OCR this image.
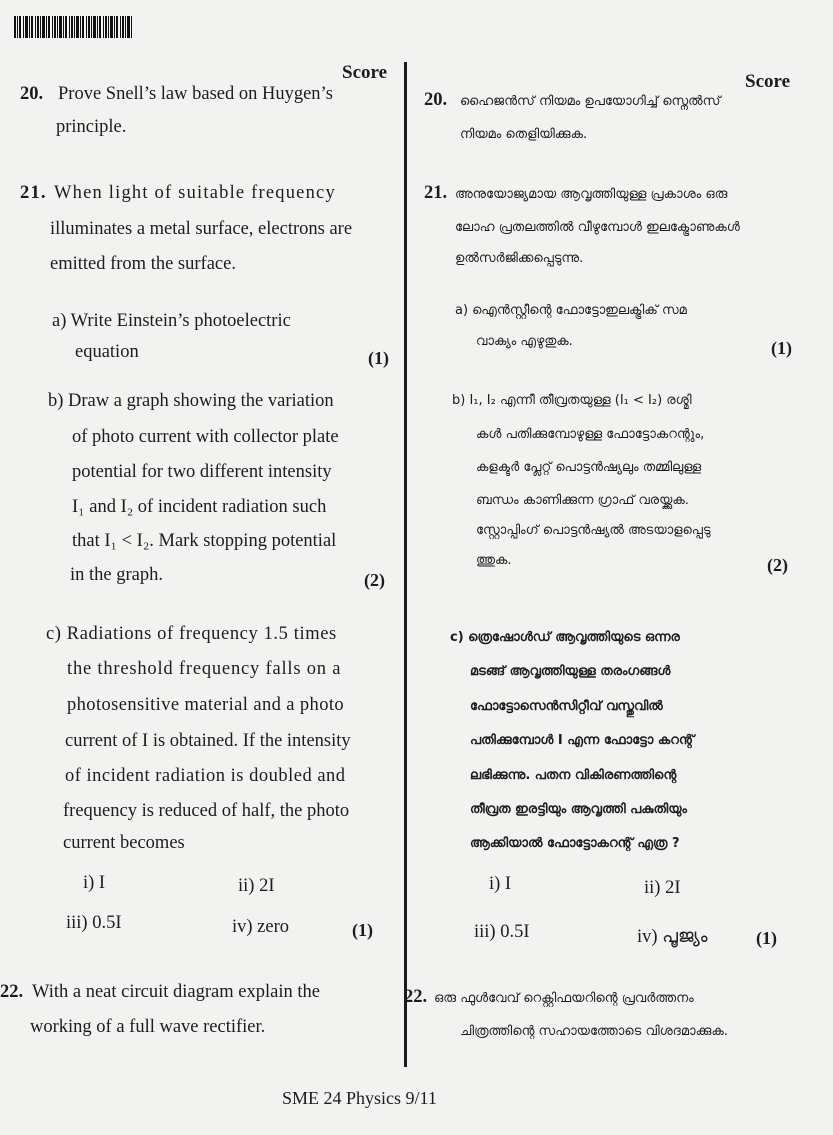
Score	Score
20. Prove Snell’s law based on Huygen’s
principle.
21. When light of suitable frequency
illuminates a metal surface, electrons are
emitted from the surface.
a) Write Einstein’s photoelectric
equation	(1)
b) Draw a graph showing the variation
of photo current with collector plate
potential for two different intensity
I₁ and I₂ of incident radiation such
that I₁ < I₂. Mark stopping potential
in the graph.	(2)
c) Radiations of frequency 1.5 times
the threshold frequency falls on a
photosensitive material and a photo
current of I is obtained. If the intensity
of incident radiation is doubled and
frequency is reduced of half, the photo
current becomes
i) I	ii) 2I
iii) 0.5I	iv) zero	(1)
22. With a neat circuit diagram explain the
working of a full wave rectifier.
20. ഹൈജൻസ് നിയമം ഉപയോഗിച്ച് സ്നെൽസ്
നിയമം തെളിയിക്കുക.
21. അനുയോജ്യമായ ആവൃത്തിയുള്ള പ്രകാശം ഒരു
ലോഹ പ്രതലത്തിൽ വീഴുമ്പോൾ ഇലക്ട്രോണുകൾ
ഉൽസർജിക്കപ്പെടുന്നു.
a) ഐൻസ്റ്റീന്റെ ഫോട്ടോഇലക്ട്രിക് സമ
വാക്യം എഴുതുക.	(1)
b) I₁, I₂ എന്നീ തീവ്രതയുള്ള (I₁ < I₂) രശ്മി
കൾ പതിക്കുമ്പോഴുള്ള ഫോട്ടോകറന്റും,
കളക്ടർ പ്ലേറ്റ് പൊട്ടൻഷ്യലും തമ്മിലുള്ള
ബന്ധം കാണിക്കുന്ന ഗ്രാഫ് വരയ്ക്കുക.
സ്റ്റോപ്പിംഗ് പൊട്ടൻഷ്യൽ അടയാളപ്പെടു
ത്തുക.	(2)
c) ത്രെഷോൾഡ് ആവൃത്തിയുടെ ഒന്നര
മടങ്ങ് ആവൃത്തിയുള്ള തരംഗങ്ങൾ
ഫോട്ടോസെൻസിറ്റീവ് വസ്തുവിൽ
പതിക്കുമ്പോൾ I എന്ന ഫോട്ടോ കറന്റ്
ലഭിക്കുന്നു. പതന വികിരണത്തിന്റെ
തീവ്രത ഇരട്ടിയും ആവൃത്തി പകുതിയും
ആക്കിയാൽ ഫോട്ടോകറന്റ് എത്ര ?
i) I	ii) 2I
iii) 0.5I	iv) പൂജ്യം	(1)
22. ഒരു ഫുൾവേവ് റെക്റ്റിഫയറിന്റെ പ്രവർത്തനം
ചിത്രത്തിന്റെ സഹായത്തോടെ വിശദമാക്കുക.
SME 24 Physics 9/11
